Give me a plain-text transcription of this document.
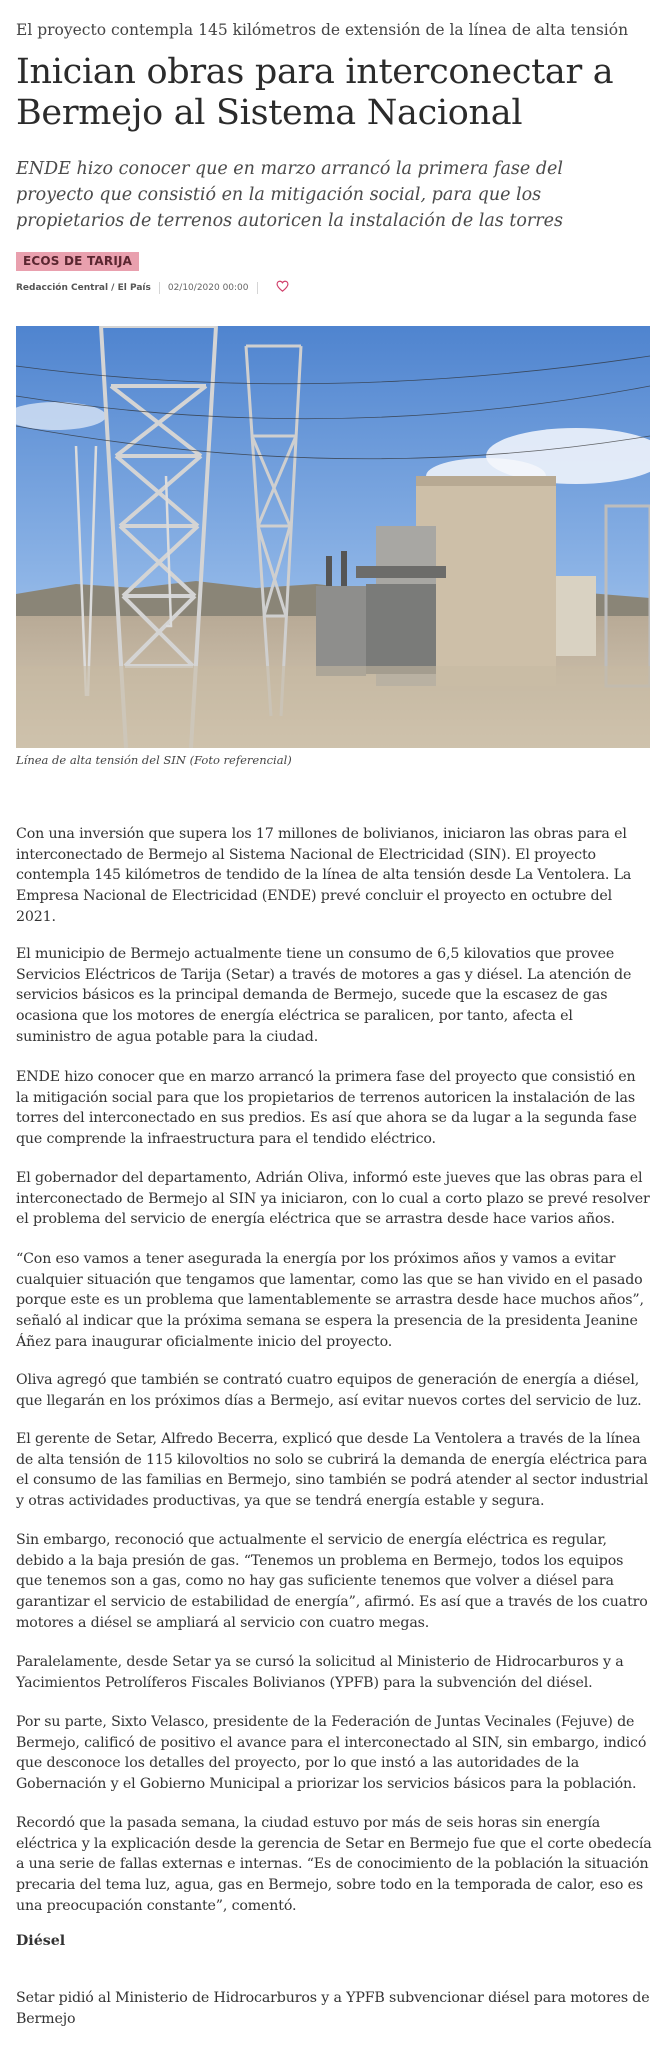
El proyecto contempla 145 kilómetros de extensión de la línea de alta tensión
Inician obras para interconectar a Bermejo al Sistema Nacional

ENDE hizo conocer que en marzo arrancó la primera fase del proyecto que consistió en la mitigación social, para que los propietarios de terrenos autoricen la instalación de las torres

ECOS DE TARIJA
Redacción Central / El País 02/10/2020 00:00
Línea de alta tensión del SIN (Foto referencial)

Con una inversión que supera los 17 millones de bolivianos, iniciaron las obras para el interconectado de Bermejo al Sistema Nacional de Electricidad (SIN). El proyecto contempla 145 kilómetros de tendido de la línea de alta tensión desde La Ventolera. La Empresa Nacional de Electricidad (ENDE) prevé concluir el proyecto en octubre del 2021.

El municipio de Bermejo actualmente tiene un consumo de 6,5 kilovatios que provee Servicios Eléctricos de Tarija (Setar) a través de motores a gas y diésel. La atención de servicios básicos es la principal demanda de Bermejo, sucede que la escasez de gas ocasiona que los motores de energía eléctrica se paralicen, por tanto, afecta el suministro de agua potable para la ciudad.

ENDE hizo conocer que en marzo arrancó la primera fase del proyecto que consistió en la mitigación social para que los propietarios de terrenos autoricen la instalación de las torres del interconectado en sus predios. Es así que ahora se da lugar a la segunda fase que comprende la infraestructura para el tendido eléctrico.

El gobernador del departamento, Adrián Oliva, informó este jueves que las obras para el interconectado de Bermejo al SIN ya iniciaron, con lo cual a corto plazo se prevé resolver el problema del servicio de energía eléctrica que se arrastra desde hace varios años.

“Con eso vamos a tener asegurada la energía por los próximos años y vamos a evitar cualquier situación que tengamos que lamentar, como las que se han vivido en el pasado porque este es un problema que lamentablemente se arrastra desde hace muchos años”, señaló al indicar que la próxima semana se espera la presencia de la presidenta Jeanine Áñez para inaugurar oficialmente inicio del proyecto.

Oliva agregó que también se contrató cuatro equipos de generación de energía a diésel, que llegarán en los próximos días a Bermejo, así evitar nuevos cortes del servicio de luz.

El gerente de Setar, Alfredo Becerra, explicó que desde La Ventolera a través de la línea de alta tensión de 115 kilovoltios no solo se cubrirá la demanda de energía eléctrica para el consumo de las familias en Bermejo, sino también se podrá atender al sector industrial y otras actividades productivas, ya que se tendrá energía estable y segura.

Sin embargo, reconoció que actualmente el servicio de energía eléctrica es regular, debido a la baja presión de gas. “Tenemos un problema en Bermejo, todos los equipos que tenemos son a gas, como no hay gas suficiente tenemos que volver a diésel para garantizar el servicio de estabilidad de energía”, afirmó. Es así que a través de los cuatro motores a diésel se ampliará al servicio con cuatro megas.

Paralelamente, desde Setar ya se cursó la solicitud al Ministerio de Hidrocarburos y a Yacimientos Petrolíferos Fiscales Bolivianos (YPFB) para la subvención del diésel.

Por su parte, Sixto Velasco, presidente de la Federación de Juntas Vecinales (Fejuve) de Bermejo, calificó de positivo el avance para el interconectado al SIN, sin embargo, indicó que desconoce los detalles del proyecto, por lo que instó a las autoridades de la Gobernación y el Gobierno Municipal a priorizar los servicios básicos para la población.

Recordó que la pasada semana, la ciudad estuvo por más de seis horas sin energía eléctrica y la explicación desde la gerencia de Setar en Bermejo fue que el corte obedecía a una serie de fallas externas e internas. “Es de conocimiento de la población la situación precaria del tema luz, agua, gas en Bermejo, sobre todo en la temporada de calor, eso es una preocupación constante”, comentó.

Diésel

Setar pidió al Ministerio de Hidrocarburos y a YPFB subvencionar diésel para motores de Bermejo
